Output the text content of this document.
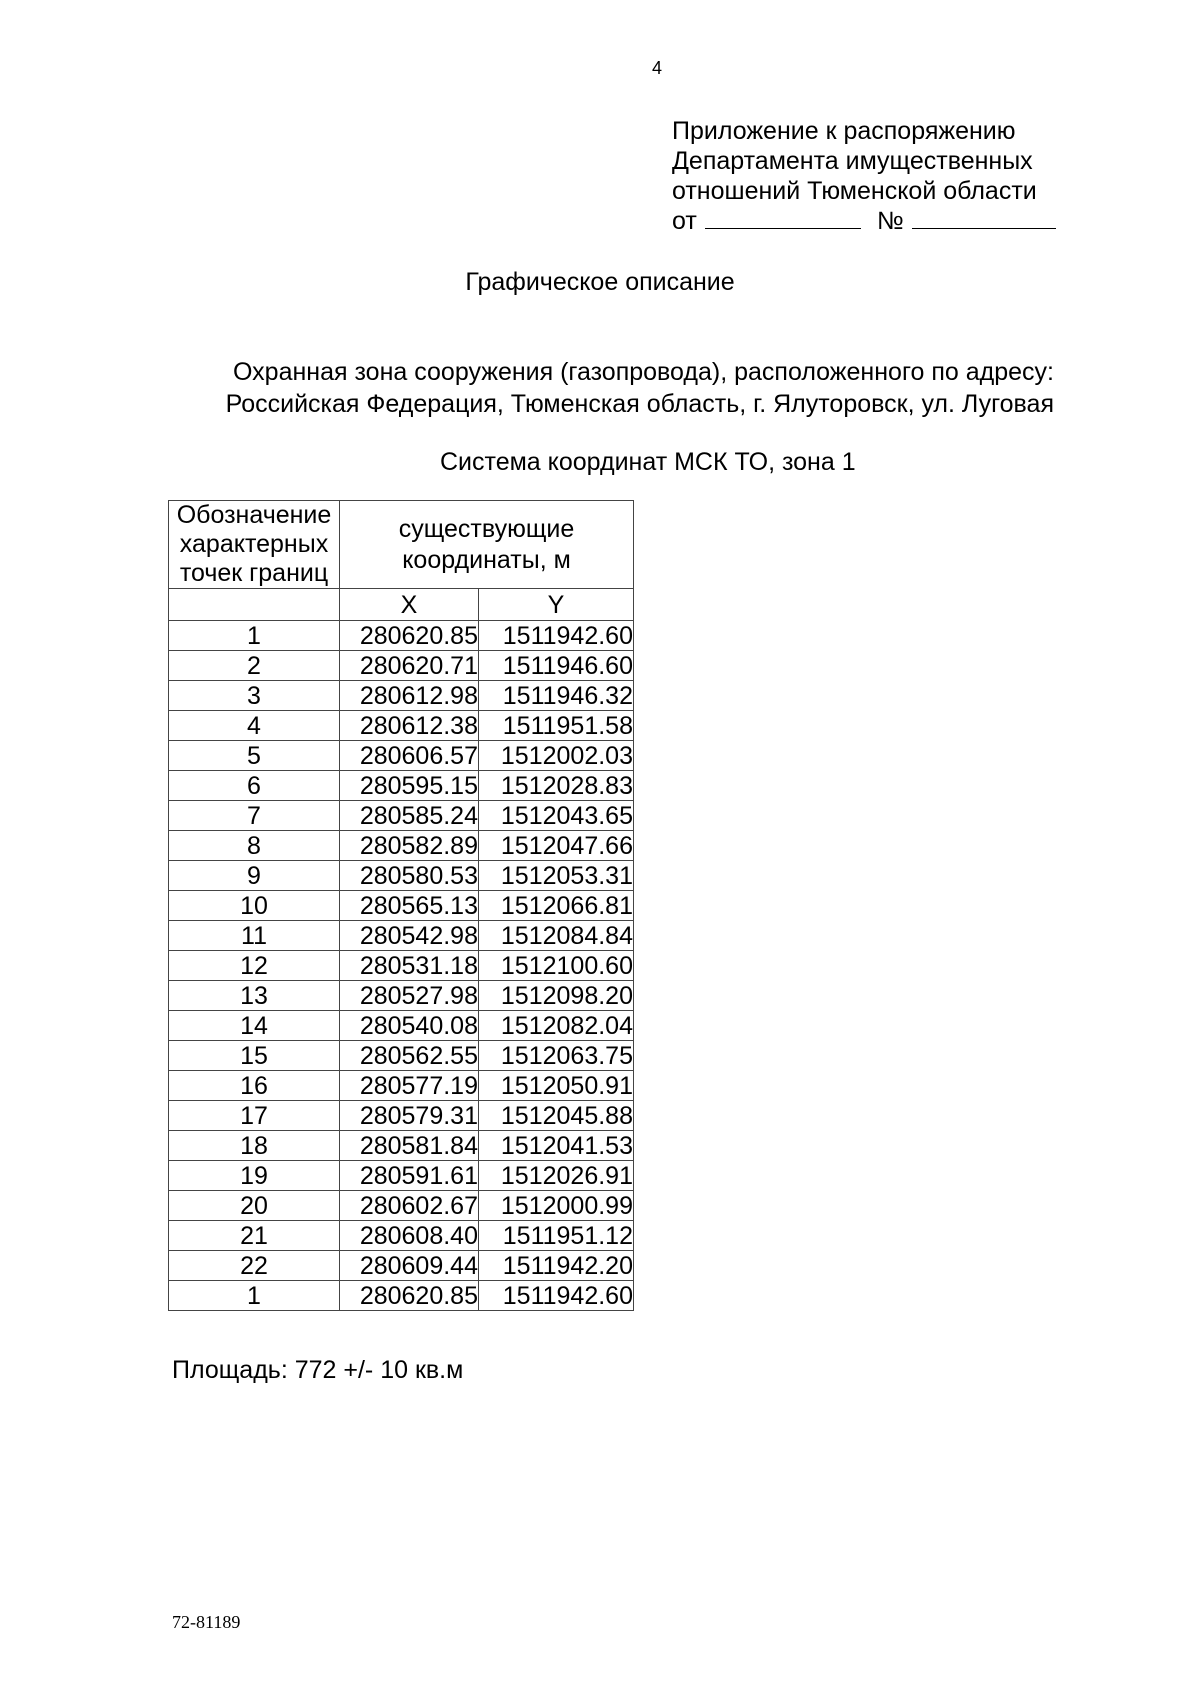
4
Приложение к распоряжению
Департамента имущественных
отношений Тюменской области
от	№
Графическое описание
Охранная зона сооружения (газопровода), расположенного по адресу:
Российская Федерация, Тюменская область, г. Ялуторовск, ул. Луговая
Система координат МСК ТО, зона 1
Обозначение характерных точек границ	существующие координаты, м	
	X	Y
1	280620.85	1511942.60
2	280620.71	1511946.60
3	280612.98	1511946.32
4	280612.38	1511951.58
5	280606.57	1512002.03
6	280595.15	1512028.83
7	280585.24	1512043.65
8	280582.89	1512047.66
9	280580.53	1512053.31
10	280565.13	1512066.81
11	280542.98	1512084.84
12	280531.18	1512100.60
13	280527.98	1512098.20
14	280540.08	1512082.04
15	280562.55	1512063.75
16	280577.19	1512050.91
17	280579.31	1512045.88
18	280581.84	1512041.53
19	280591.61	1512026.91
20	280602.67	1512000.99
21	280608.40	1511951.12
22	280609.44	1511942.20
1	280620.85	1511942.60
Площадь: 772 +/- 10 кв.м
72-81189
